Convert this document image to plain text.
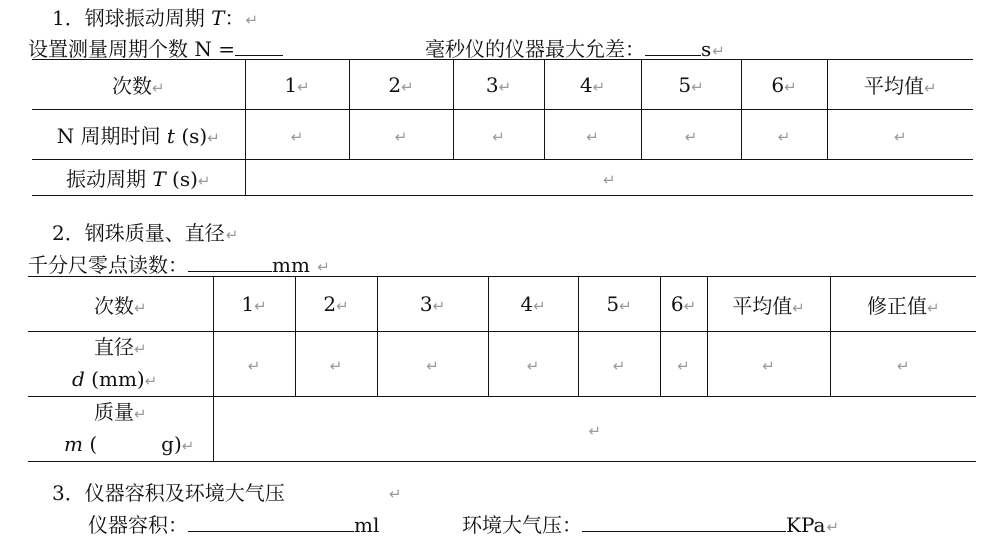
1．钢球振动周期 T：↵
设置测量周期个数 N =	毫秒仪的仪器最大允差：	s↵
次数↵	1↵	2↵	3↵	4↵	5↵	6↵	平均值↵
N 周期时间 t (s)↵	↵	↵	↵	↵	↵	↵	↵
振动周期 T (s)↵	↵						
2．钢珠质量、直径↵
千分尺零点读数：	mm ↵
次数↵	1↵	2↵	3↵	4↵	5↵	6↵	平均值↵	修正值↵

直径↵
d (mm)↵	↵	↵	↵	↵	↵	↵	↵	↵

质量↵
m ( g)↵	↵							
3．仪器容积及环境大气压	↵
仪器容积：	ml	环境大气压：	KPa↵
